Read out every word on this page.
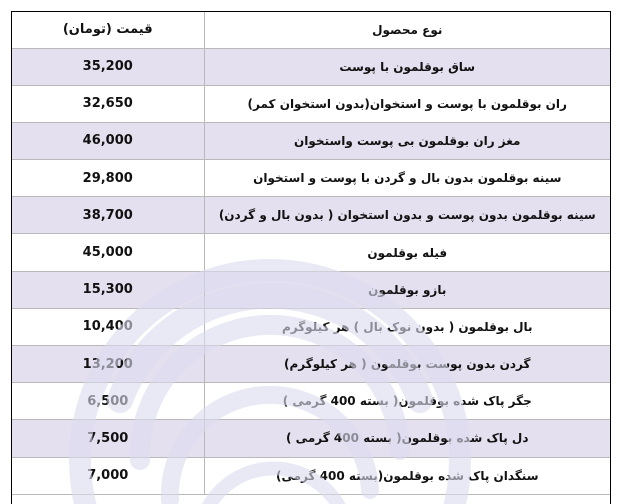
قیمت (تومان)	نوع محصول
35,200	ساق بوقلمون با پوست
32,650	ران بوقلمون با پوست و استخوان(بدون استخوان کمر)
46,000	مغز ران بوقلمون بی پوست واستخوان
29,800	سینه بوقلمون بدون بال و گردن با پوست و استخوان
38,700	سینه بوقلمون بدون پوست و بدون استخوان ( بدون بال و گردن)
45,000	فیله بوقلمون
15,300	بازو بوقلمون
10,400	بال بوقلمون ( بدون نوک بال ) هر کیلوگرم
13,200	گردن بدون پوست بوقلمون ( هر کیلوگرم)
6,500	جگر پاک شده بوقلمون( بسته 400 گرمی )
7,500	دل پاک شده بوقلمون( بسته 400 گرمی )
7,000	سنگدان پاک شده بوقلمون(بسته 400 گرمی)
